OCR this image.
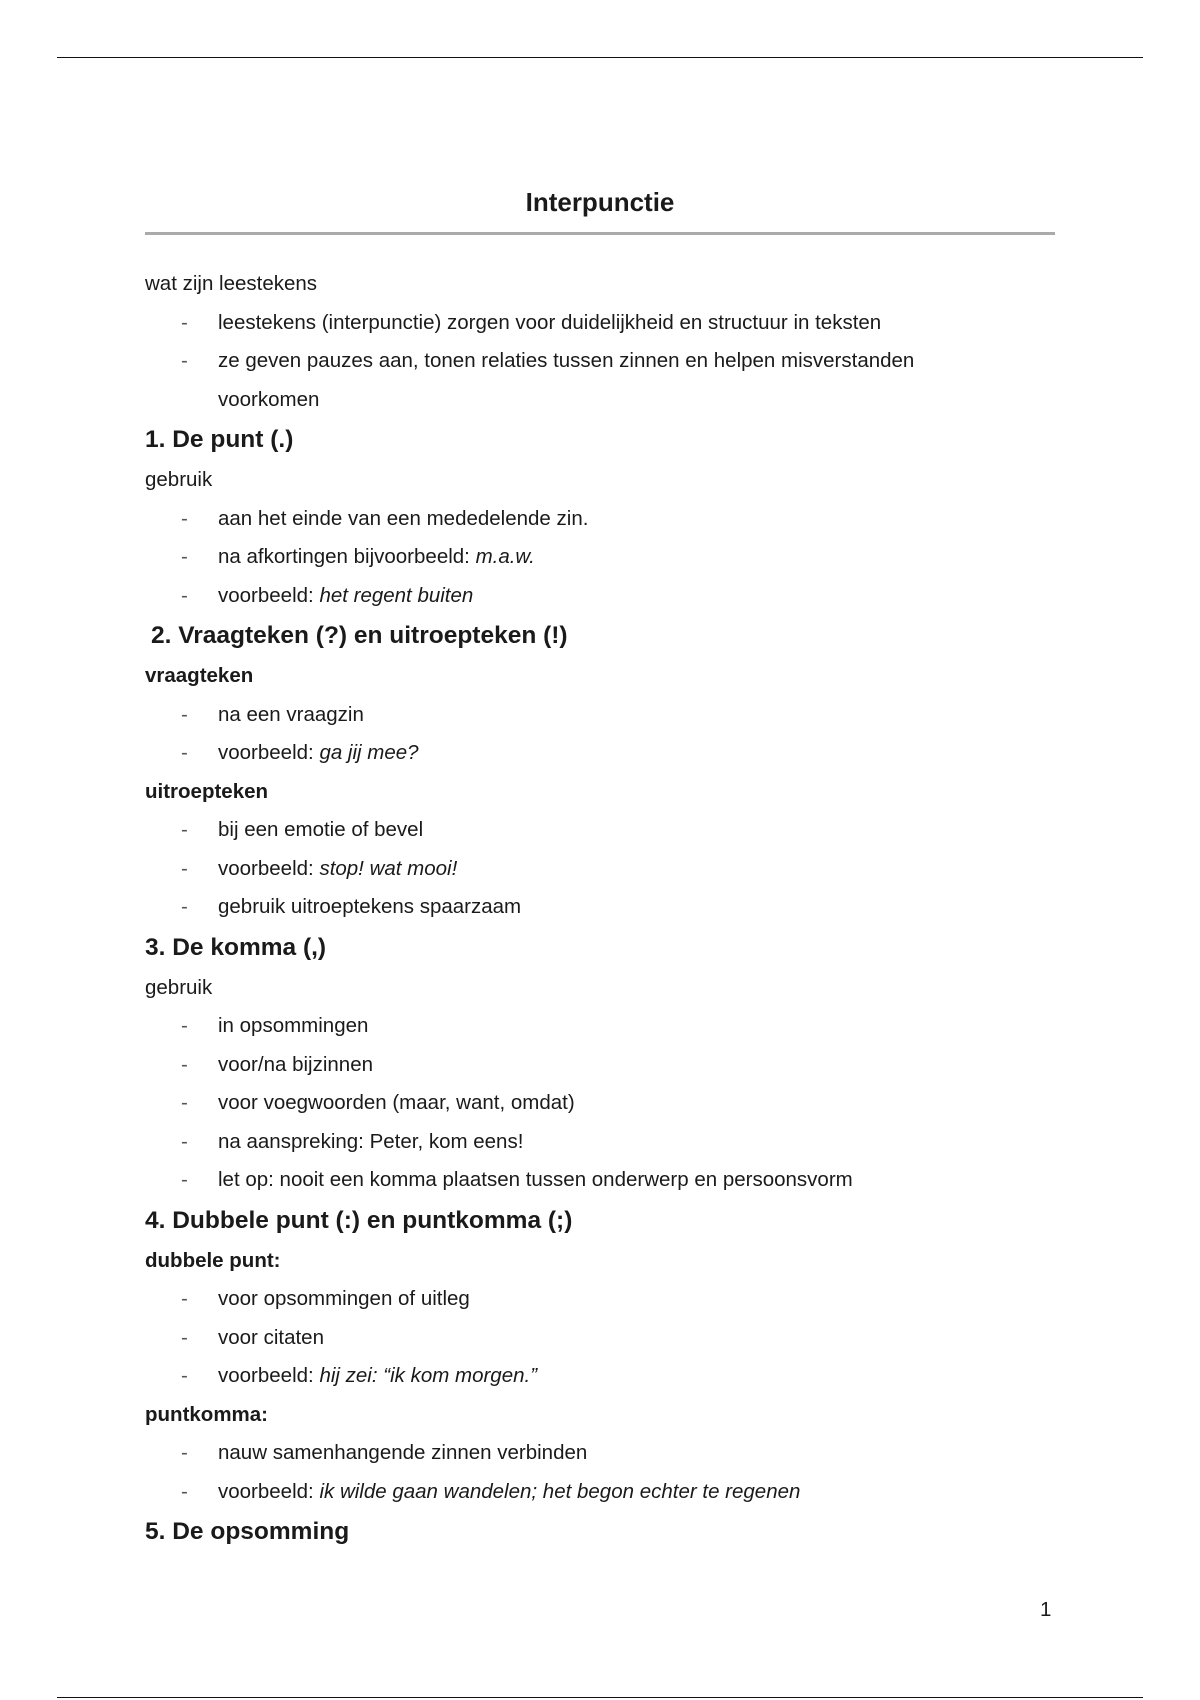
Interpunctie

wat zijn leestekens

- leestekens (interpunctie) zorgen voor duidelijkheid en structuur in teksten
- ze geven pauzes aan, tonen relaties tussen zinnen en helpen misverstanden
voorkomen
1. De punt (.)

gebruik

- aan het einde van een mededelende zin.
- na afkortingen bijvoorbeeld: m.a.w.
- voorbeeld: het regent buiten
2. Vraagteken (?) en uitroepteken (!)

vraagteken

- na een vraagzin
- voorbeeld: ga jij mee?

uitroepteken

- bij een emotie of bevel
- voorbeeld: stop! wat mooi!
- gebruik uitroeptekens spaarzaam
3. De komma (,)

gebruik

- in opsommingen
- voor/na bijzinnen
- voor voegwoorden (maar, want, omdat)
- na aanspreking: Peter, kom eens!
- let op: nooit een komma plaatsen tussen onderwerp en persoonsvorm
4. Dubbele punt (:) en puntkomma (;)

dubbele punt:

- voor opsommingen of uitleg
- voor citaten
- voorbeeld: hij zei: “ik kom morgen.”

puntkomma:

- nauw samenhangende zinnen verbinden
- voorbeeld: ik wilde gaan wandelen; het begon echter te regenen
5. De opsomming
1
